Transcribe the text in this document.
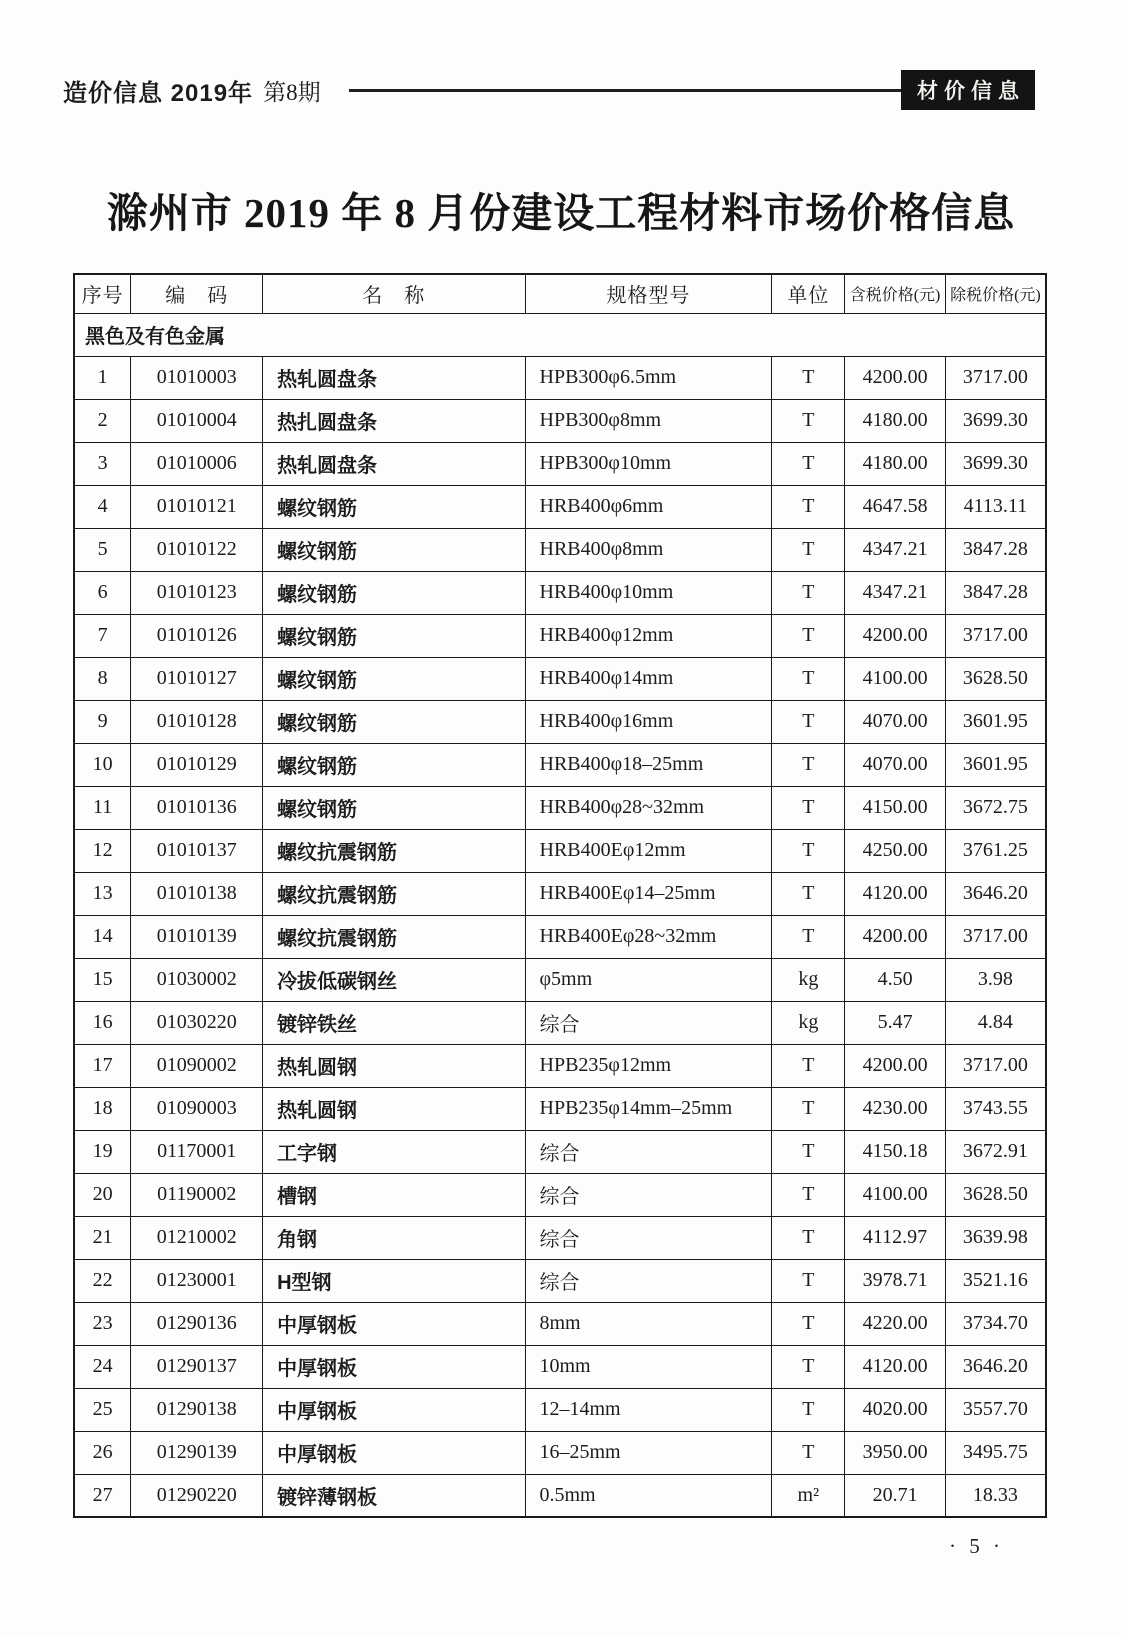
造价信息 2019年 第8期	材价信息
滁州市 2019 年 8 月份建设工程材料市场价格信息
序号	编　码	名　称	规格型号	单位	含税价格(元)	除税价格(元)
黑色及有色金属						
1	01010003	热轧圆盘条	HPB300φ6.5mm	T	4200.00	3717.00
2	01010004	热扎圆盘条	HPB300φ8mm	T	4180.00	3699.30
3	01010006	热轧圆盘条	HPB300φ10mm	T	4180.00	3699.30
4	01010121	螺纹钢筋	HRB400φ6mm	T	4647.58	4113.11
5	01010122	螺纹钢筋	HRB400φ8mm	T	4347.21	3847.28
6	01010123	螺纹钢筋	HRB400φ10mm	T	4347.21	3847.28
7	01010126	螺纹钢筋	HRB400φ12mm	T	4200.00	3717.00
8	01010127	螺纹钢筋	HRB400φ14mm	T	4100.00	3628.50
9	01010128	螺纹钢筋	HRB400φ16mm	T	4070.00	3601.95
10	01010129	螺纹钢筋	HRB400φ18–25mm	T	4070.00	3601.95
11	01010136	螺纹钢筋	HRB400φ28~32mm	T	4150.00	3672.75
12	01010137	螺纹抗震钢筋	HRB400Eφ12mm	T	4250.00	3761.25
13	01010138	螺纹抗震钢筋	HRB400Eφ14–25mm	T	4120.00	3646.20
14	01010139	螺纹抗震钢筋	HRB400Eφ28~32mm	T	4200.00	3717.00
15	01030002	冷拔低碳钢丝	φ5mm	kg	4.50	3.98
16	01030220	镀锌铁丝	综合	kg	5.47	4.84
17	01090002	热轧圆钢	HPB235φ12mm	T	4200.00	3717.00
18	01090003	热轧圆钢	HPB235φ14mm–25mm	T	4230.00	3743.55
19	01170001	工字钢	综合	T	4150.18	3672.91
20	01190002	槽钢	综合	T	4100.00	3628.50
21	01210002	角钢	综合	T	4112.97	3639.98
22	01230001	H型钢	综合	T	3978.71	3521.16
23	01290136	中厚钢板	8mm	T	4220.00	3734.70
24	01290137	中厚钢板	10mm	T	4120.00	3646.20
25	01290138	中厚钢板	12–14mm	T	4020.00	3557.70
26	01290139	中厚钢板	16–25mm	T	3950.00	3495.75
27	01290220	镀锌薄钢板	0.5mm	m²	20.71	18.33
· 5 ·
